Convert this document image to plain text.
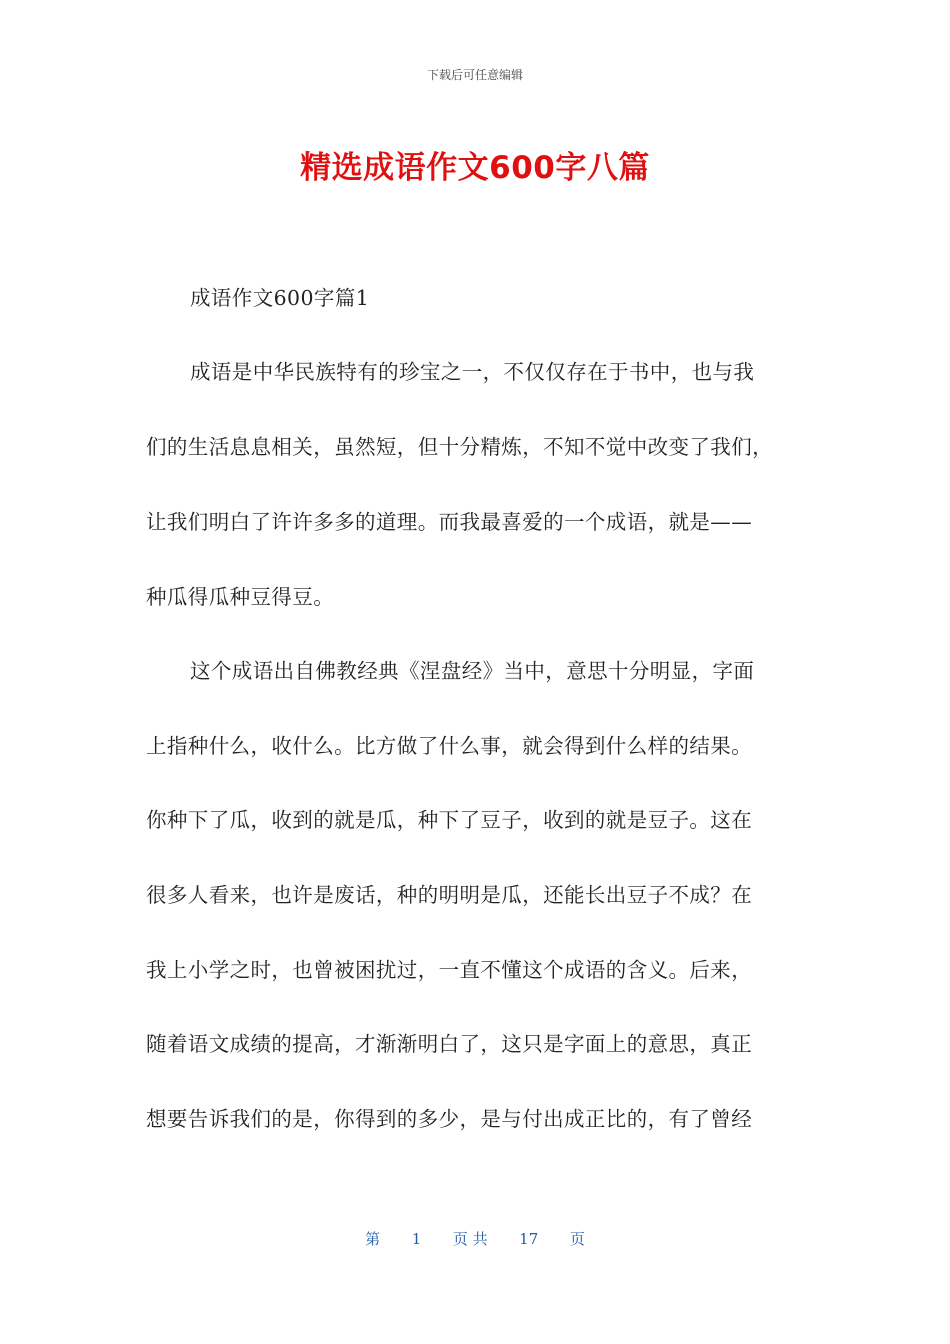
下载后可任意编辑
精选成语作文600字八篇
成语作文600字篇1
成语是中华民族特有的珍宝之一，不仅仅存在于书中，也与我
们的生活息息相关，虽然短，但十分精炼，不知不觉中改变了我们，
让我们明白了许许多多的道理。而我最喜爱的一个成语，就是——
种瓜得瓜种豆得豆。
这个成语出自佛教经典《涅盘经》当中，意思十分明显，字面
上指种什么，收什么。比方做了什么事，就会得到什么样的结果。
你种下了瓜，收到的就是瓜，种下了豆子，收到的就是豆子。这在
很多人看来，也许是废话，种的明明是瓜，还能长出豆子不成？在
我上小学之时，也曾被困扰过，一直不懂这个成语的含义。后来，
随着语文成绩的提高，才渐渐明白了，这只是字面上的意思，真正
想要告诉我们的是，你得到的多少，是与付出成正比的，有了曾经
第 1 页 共 17 页
